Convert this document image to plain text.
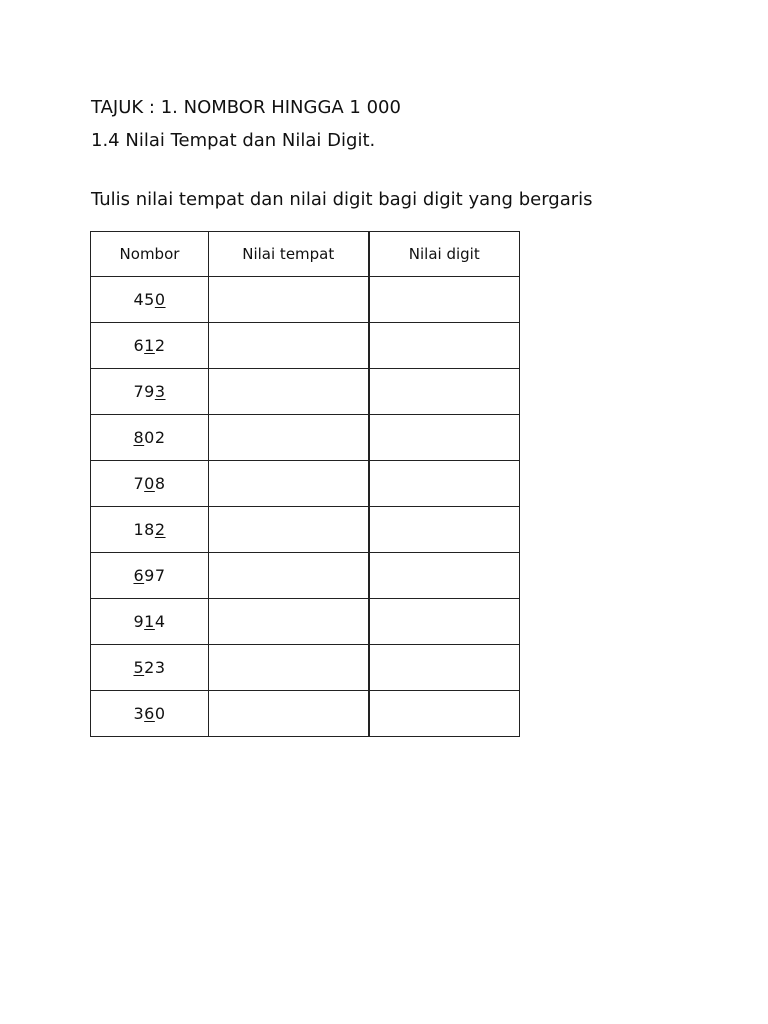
TAJUK : 1. NOMBOR HINGGA 1 000
1.4 Nilai Tempat dan Nilai Digit.
Tulis nilai tempat dan nilai digit bagi digit yang bergaris
Nombor	Nilai tempat	Nilai digit
450		
612		
793		
802		
708		
182		
697		
914		
523		
360		
